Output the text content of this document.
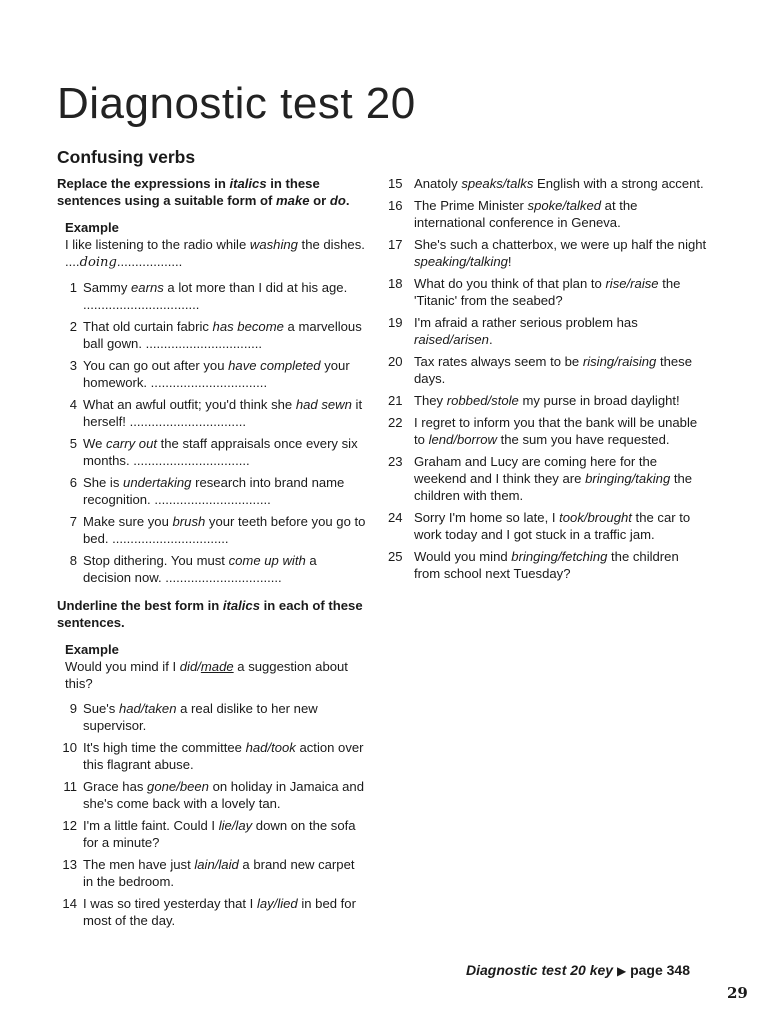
Diagnostic test 20
Confusing verbs
Replace the expressions in italics in these sentences using a suitable form of make or do.
Example
I like listening to the radio while washing the dishes. ....doing..................
1 Sammy earns a lot more than I did at his age. ................................
2 That old curtain fabric has become a marvellous ball gown. ................................
3 You can go out after you have completed your homework. ................................
4 What an awful outfit; you'd think she had sewn it herself! ................................
5 We carry out the staff appraisals once every six months. ................................
6 She is undertaking research into brand name recognition. ................................
7 Make sure you brush your teeth before you go to bed. ................................
8 Stop dithering. You must come up with a decision now. ................................
Underline the best form in italics in each of these sentences.
Example
Would you mind if I did/made a suggestion about this?
9 Sue's had/taken a real dislike to her new supervisor.
10 It's high time the committee had/took action over this flagrant abuse.
11 Grace has gone/been on holiday in Jamaica and she's come back with a lovely tan.
12 I'm a little faint. Could I lie/lay down on the sofa for a minute?
13 The men have just lain/laid a brand new carpet in the bedroom.
14 I was so tired yesterday that I lay/lied in bed for most of the day.
15 Anatoly speaks/talks English with a strong accent.
16 The Prime Minister spoke/talked at the international conference in Geneva.
17 She's such a chatterbox, we were up half the night speaking/talking!
18 What do you think of that plan to rise/raise the 'Titanic' from the seabed?
19 I'm afraid a rather serious problem has raised/arisen.
20 Tax rates always seem to be rising/raising these days.
21 They robbed/stole my purse in broad daylight!
22 I regret to inform you that the bank will be unable to lend/borrow the sum you have requested.
23 Graham and Lucy are coming here for the weekend and I think they are bringing/taking the children with them.
24 Sorry I'm home so late, I took/brought the car to work today and I got stuck in a traffic jam.
25 Would you mind bringing/fetching the children from school next Tuesday?
Diagnostic test 20 key ▶ page 348
29
